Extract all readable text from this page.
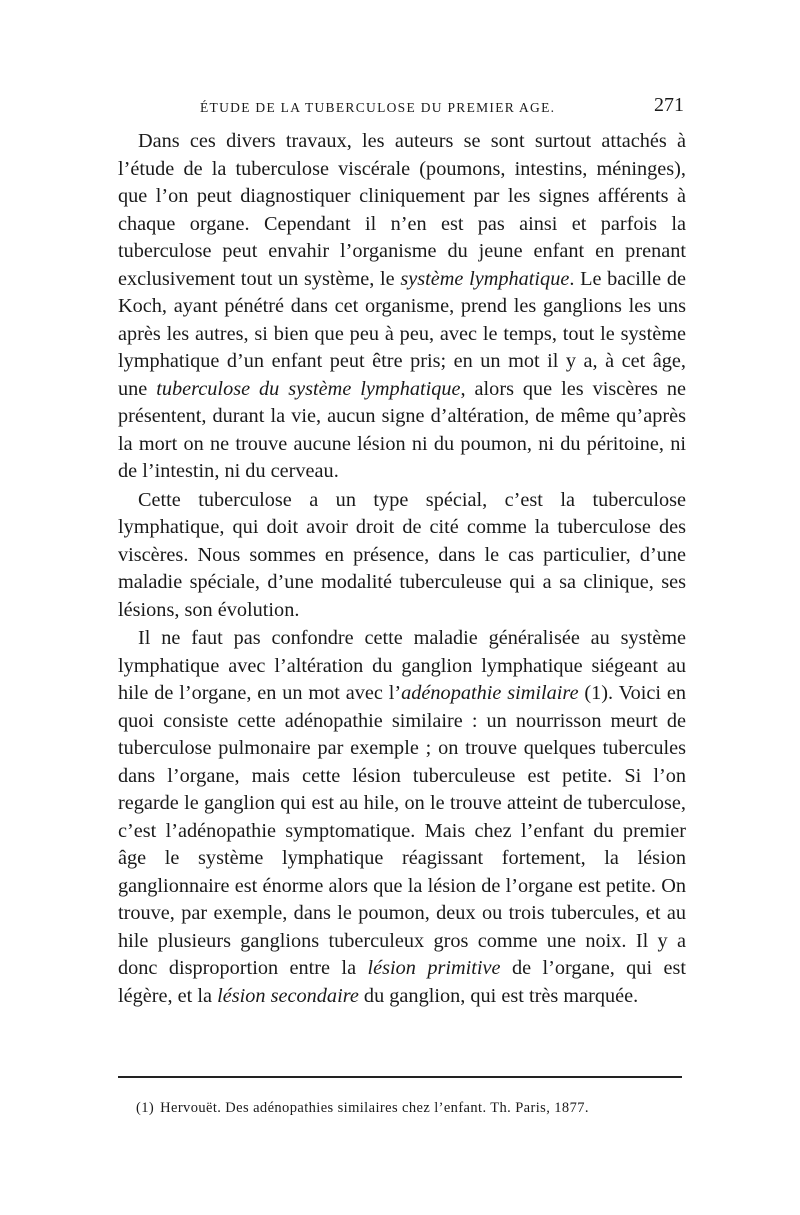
ÉTUDE DE LA TUBERCULOSE DU PREMIER AGE.	271

Dans ces divers travaux, les auteurs se sont surtout attachés à l’étude de la tuberculose viscérale (poumons, intestins, méninges), que l’on peut diagnostiquer cliniquement par les signes afférents à chaque organe. Cependant il n’en est pas ainsi et parfois la tuberculose peut envahir l’organisme du jeune enfant en prenant exclusivement tout un système, le système lymphatique. Le bacille de Koch, ayant pénétré dans cet organisme, prend les ganglions les uns après les autres, si bien que peu à peu, avec le temps, tout le système lymphatique d’un enfant peut être pris; en un mot il y a, à cet âge, une tuberculose du système lymphatique, alors que les viscères ne présentent, durant la vie, aucun signe d’altération, de même qu’après la mort on ne trouve aucune lésion ni du poumon, ni du péritoine, ni de l’intestin, ni du cerveau.

Cette tuberculose a un type spécial, c’est la tuberculose lymphatique, qui doit avoir droit de cité comme la tuberculose des viscères. Nous sommes en présence, dans le cas particulier, d’une maladie spéciale, d’une modalité tuberculeuse qui a sa clinique, ses lésions, son évolution.

Il ne faut pas confondre cette maladie généralisée au système lymphatique avec l’altération du ganglion lymphatique siégeant au hile de l’organe, en un mot avec l’adénopathie similaire (1). Voici en quoi consiste cette adénopathie similaire : un nourrisson meurt de tuberculose pulmonaire par exemple ; on trouve quelques tubercules dans l’organe, mais cette lésion tuberculeuse est petite. Si l’on regarde le ganglion qui est au hile, on le trouve atteint de tuberculose, c’est l’adénopathie symptomatique. Mais chez l’enfant du premier âge le système lymphatique réagissant fortement, la lésion ganglionnaire est énorme alors que la lésion de l’organe est petite. On trouve, par exemple, dans le poumon, deux ou trois tubercules, et au hile plusieurs ganglions tuberculeux gros comme une noix. Il y a donc disproportion entre la lésion primitive de l’organe, qui est légère, et la lésion secondaire du ganglion, qui est très marquée.

(1) Hervouët. Des adénopathies similaires chez l’enfant. Th. Paris, 1877.
